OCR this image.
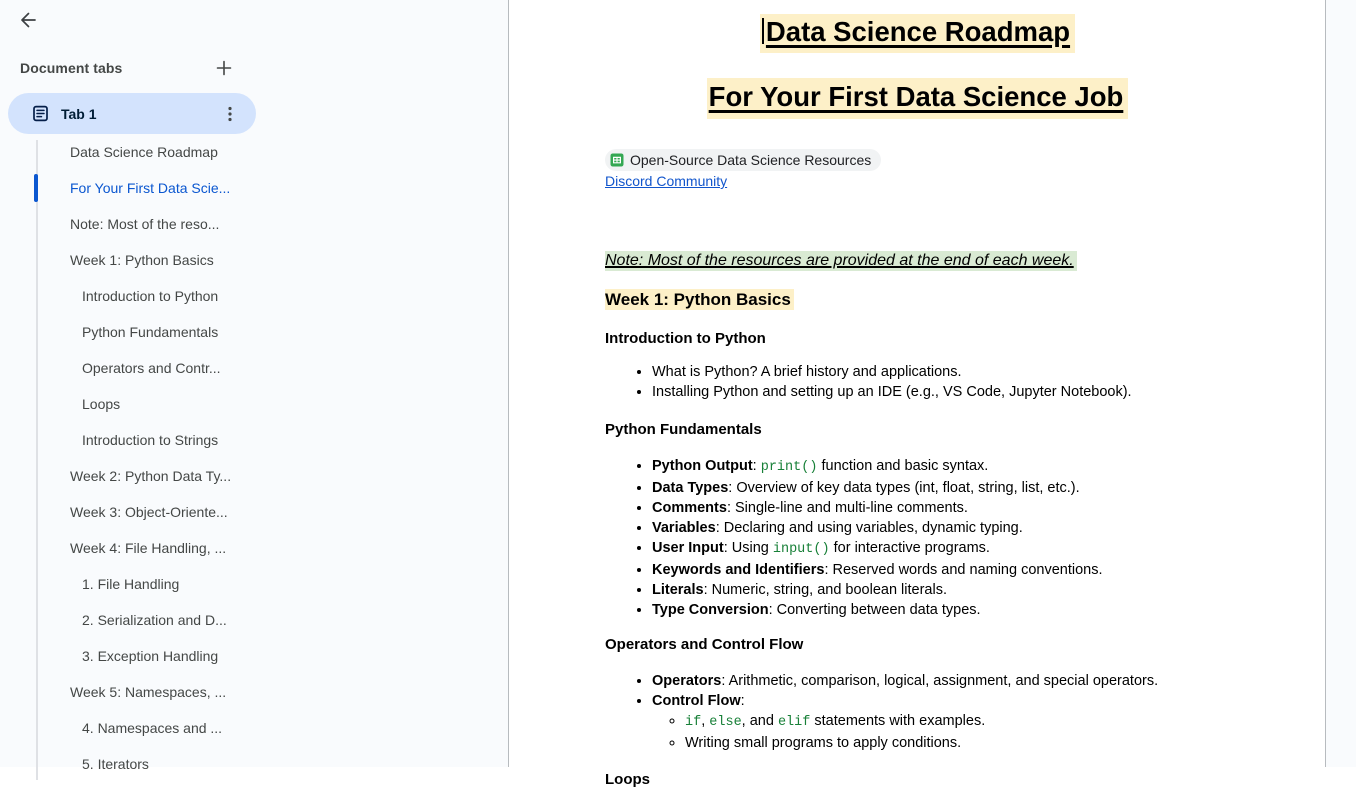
Document tabs
Tab 1
Data Science Roadmap
For Your First Data Scie...
Note: Most of the reso...
Week 1: Python Basics
Introduction to Python
Python Fundamentals
Operators and Contr...
Loops
Introduction to Strings
Week 2: Python Data Ty...
Week 3: Object-Oriente...
Week 4: File Handling, ...
1. File Handling
2. Serialization and D...
3. Exception Handling
Week 5: Namespaces, ...
4. Namespaces and ...
5. Iterators
Data Science Roadmap
For Your First Data Science Job
Open-Source Data Science Resources
Discord Community
Note: Most of the resources are provided at the end of each week.
Week 1: Python Basics
Introduction to Python
• What is Python? A brief history and applications.
• Installing Python and setting up an IDE (e.g., VS Code, Jupyter Notebook).
Python Fundamentals
• Python Output: print() function and basic syntax.
• Data Types: Overview of key data types (int, float, string, list, etc.).
• Comments: Single-line and multi-line comments.
• Variables: Declaring and using variables, dynamic typing.
• User Input: Using input() for interactive programs.
• Keywords and Identifiers: Reserved words and naming conventions.
• Literals: Numeric, string, and boolean literals.
• Type Conversion: Converting between data types.
Operators and Control Flow
• Operators: Arithmetic, comparison, logical, assignment, and special operators.
• Control Flow:
◦ if, else, and elif statements with examples.
◦ Writing small programs to apply conditions.
Loops
